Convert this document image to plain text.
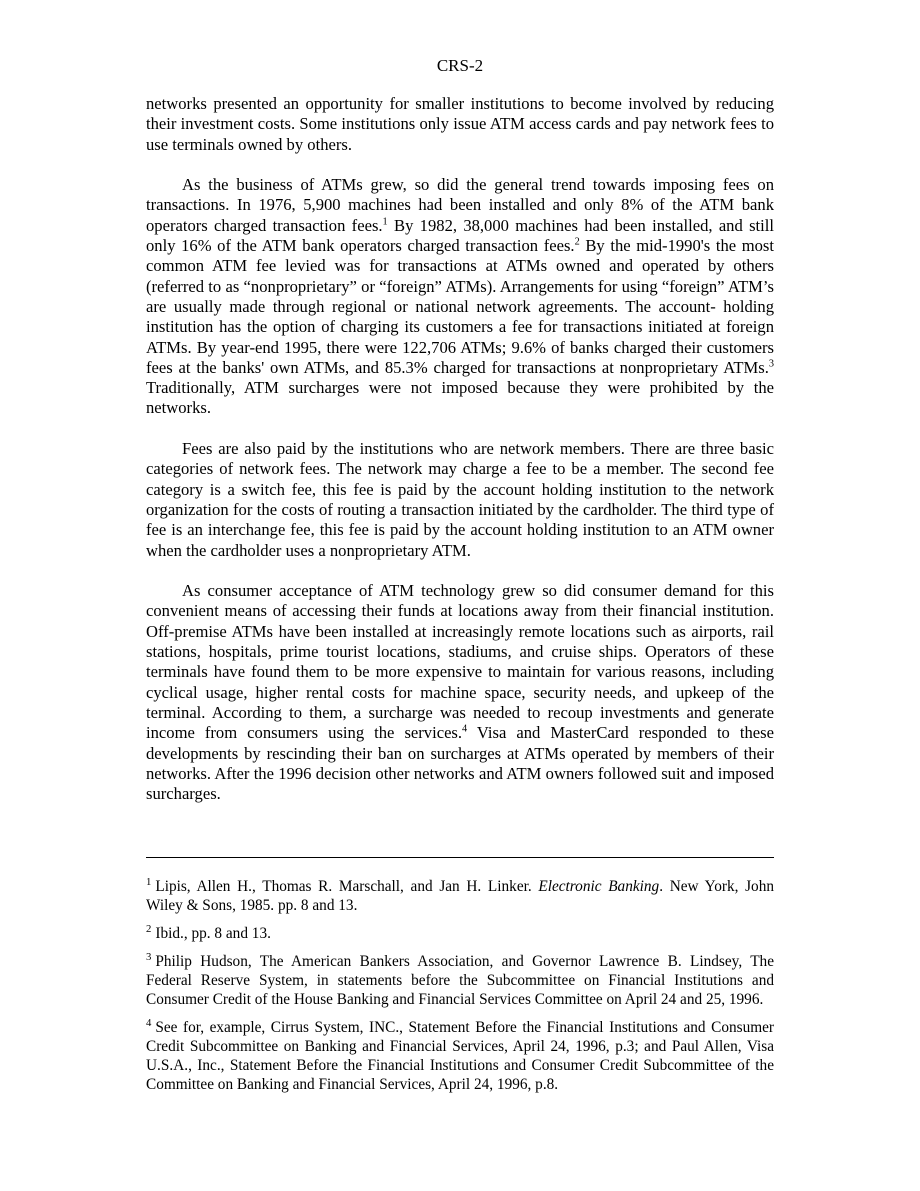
CRS-2

networks presented an opportunity for smaller institutions to become involved by reducing their investment costs. Some institutions only issue ATM access cards and pay network fees to use terminals owned by others.

As the business of ATMs grew, so did the general trend towards imposing fees on transactions. In 1976, 5,900 machines had been installed and only 8% of the ATM bank operators charged transaction fees.$^1$ By 1982, 38,000 machines had been installed, and still only 16% of the ATM bank operators charged transaction fees.$^2$ By the mid-1990's the most common ATM fee levied was for transactions at ATMs owned and operated by others (referred to as “nonproprietary” or “foreign” ATMs). Arrangements for using “foreign” ATM’s are usually made through regional or national network agreements. The account- holding institution has the option of charging its customers a fee for transactions initiated at foreign ATMs. By year-end 1995, there were 122,706 ATMs; 9.6% of banks charged their customers fees at the banks' own ATMs, and 85.3% charged for transactions at nonproprietary ATMs.$^3$ Traditionally, ATM surcharges were not imposed because they were prohibited by the networks.

Fees are also paid by the institutions who are network members. There are three basic categories of network fees. The network may charge a fee to be a member. The second fee category is a switch fee, this fee is paid by the account holding institution to the network organization for the costs of routing a transaction initiated by the cardholder. The third type of fee is an interchange fee, this fee is paid by the account holding institution to an ATM owner when the cardholder uses a nonproprietary ATM.

As consumer acceptance of ATM technology grew so did consumer demand for this convenient means of accessing their funds at locations away from their financial institution. Off-premise ATMs have been installed at increasingly remote locations such as airports, rail stations, hospitals, prime tourist locations, stadiums, and cruise ships. Operators of these terminals have found them to be more expensive to maintain for various reasons, including cyclical usage, higher rental costs for machine space, security needs, and upkeep of the terminal. According to them, a surcharge was needed to recoup investments and generate income from consumers using the services.$^4$ Visa and MasterCard responded to these developments by rescinding their ban on surcharges at ATMs operated by members of their networks. After the 1996 decision other networks and ATM owners followed suit and imposed surcharges.

$^1$ Lipis, Allen H., Thomas R. Marschall, and Jan H. Linker. Electronic Banking. New York, John Wiley & Sons, 1985. pp. 8 and 13.
$^2$ Ibid., pp. 8 and 13.
$^3$ Philip Hudson, The American Bankers Association, and Governor Lawrence B. Lindsey, The Federal Reserve System, in statements before the Subcommittee on Financial Institutions and Consumer Credit of the House Banking and Financial Services Committee on April 24 and 25, 1996.
$^4$ See for, example, Cirrus System, INC., Statement Before the Financial Institutions and Consumer Credit Subcommittee on Banking and Financial Services, April 24, 1996, p.3; and Paul Allen, Visa U.S.A., Inc., Statement Before the Financial Institutions and Consumer Credit Subcommittee of the Committee on Banking and Financial Services, April 24, 1996, p.8.
